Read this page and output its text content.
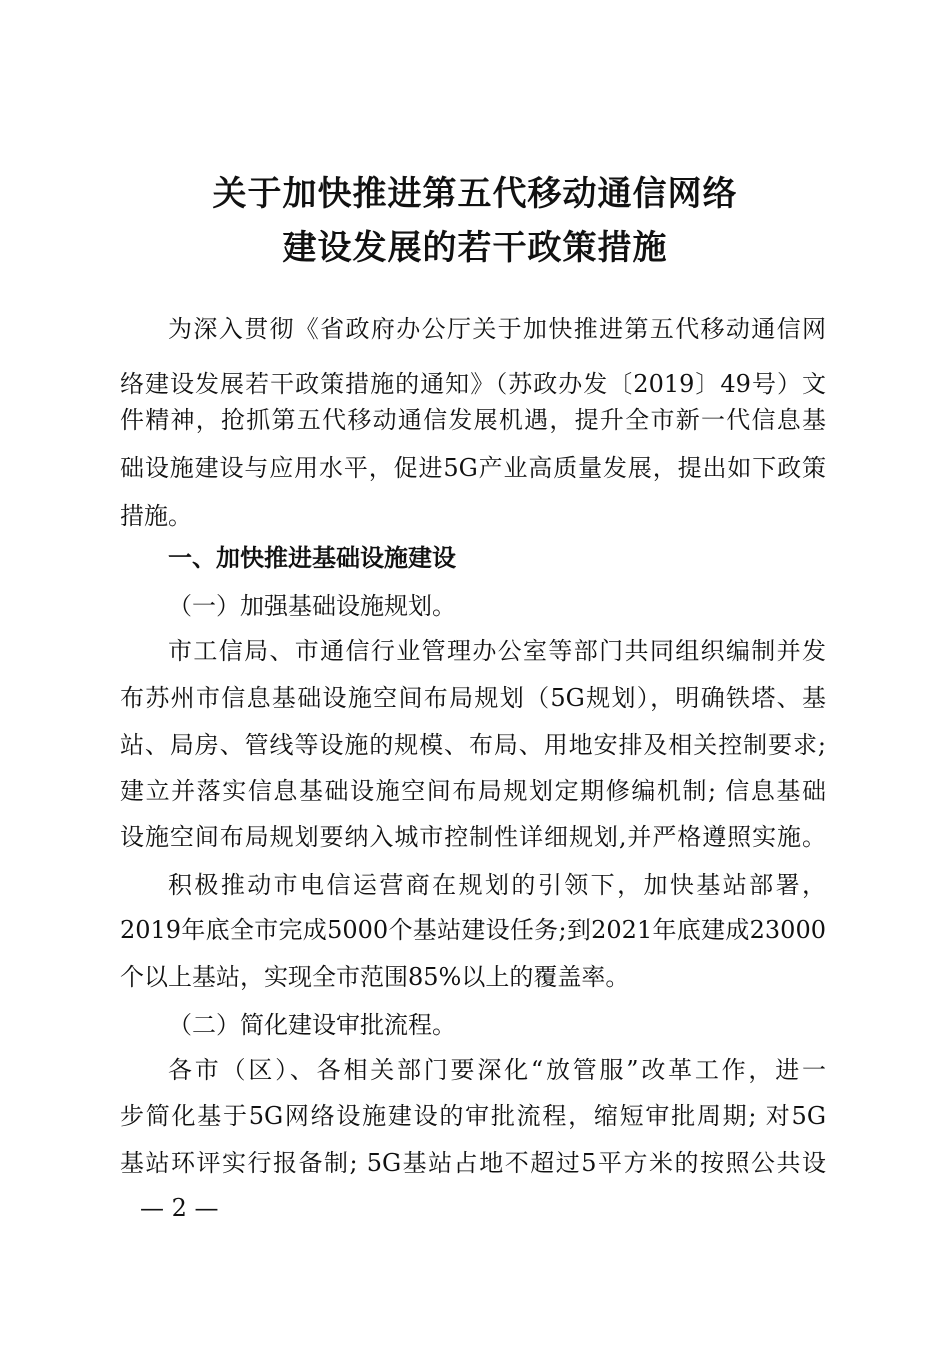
关于加快推进第五代移动通信网络
建设发展的若干政策措施

为深入贯彻《省政府办公厅关于加快推进第五代移动通信网

络建设发展若干政策措施的通知》（苏政办发〔2019〕49号）文

件精神，抢抓第五代移动通信发展机遇，提升全市新一代信息基

础设施建设与应用水平，促进5G产业高质量发展，提出如下政策

措施。

一、加快推进基础设施建设

（一）加强基础设施规划。

市工信局、市通信行业管理办公室等部门共同组织编制并发

布苏州市信息基础设施空间布局规划（5G规划），明确铁塔、基

站、局房、管线等设施的规模、布局、用地安排及相关控制要求;

建立并落实信息基础设施空间布局规划定期修编机制; 信息基础

设施空间布局规划要纳入城市控制性详细规划,并严格遵照实施。

积极推动市电信运营商在规划的引领下，加快基站部署，

2019年底全市完成5000个基站建设任务;到2021年底建成23000

个以上基站，实现全市范围85%以上的覆盖率。

（二）简化建设审批流程。

各市（区）、各相关部门要深化“放管服”改革工作，进一

步简化基于5G网络设施建设的审批流程，缩短审批周期; 对5G

基站环评实行报备制; 5G基站占地不超过5平方米的按照公共设

— 2 —
